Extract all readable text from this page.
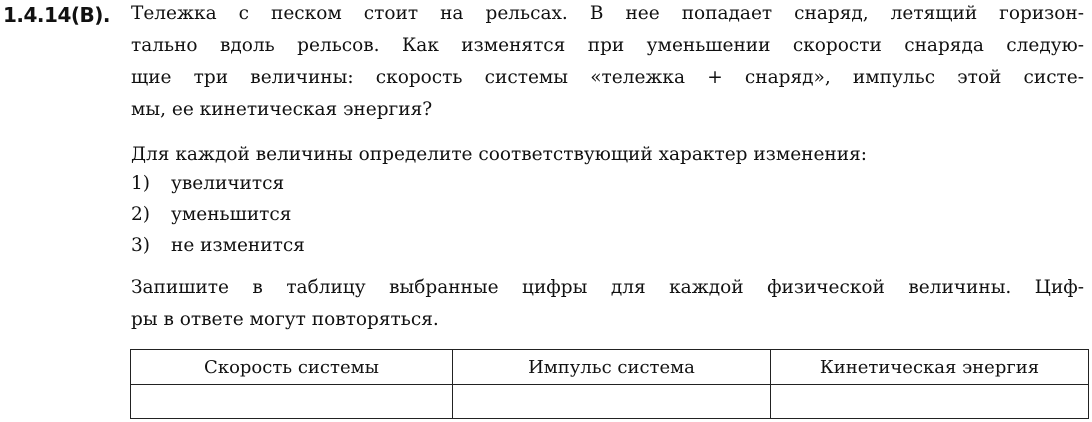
1.4.14(B). Тележка с песком стоит на рельсах. В нее попадает снаряд, летящий горизон-
тально вдоль рельсов. Как изменятся при уменьшении скорости снаряда следую-
щие три величины: скорость системы «тележка + снаряд», импульс этой систе-
мы, ее кинетическая энергия?
Для каждой величины определите соответствующий характер изменения:
1) увеличится
2) уменьшится
3) не изменится
Запишите в таблицу выбранные цифры для каждой физической величины. Циф-
ры в ответе могут повторяться.
Скорость системы	Импульс система	Кинетическая энергия
